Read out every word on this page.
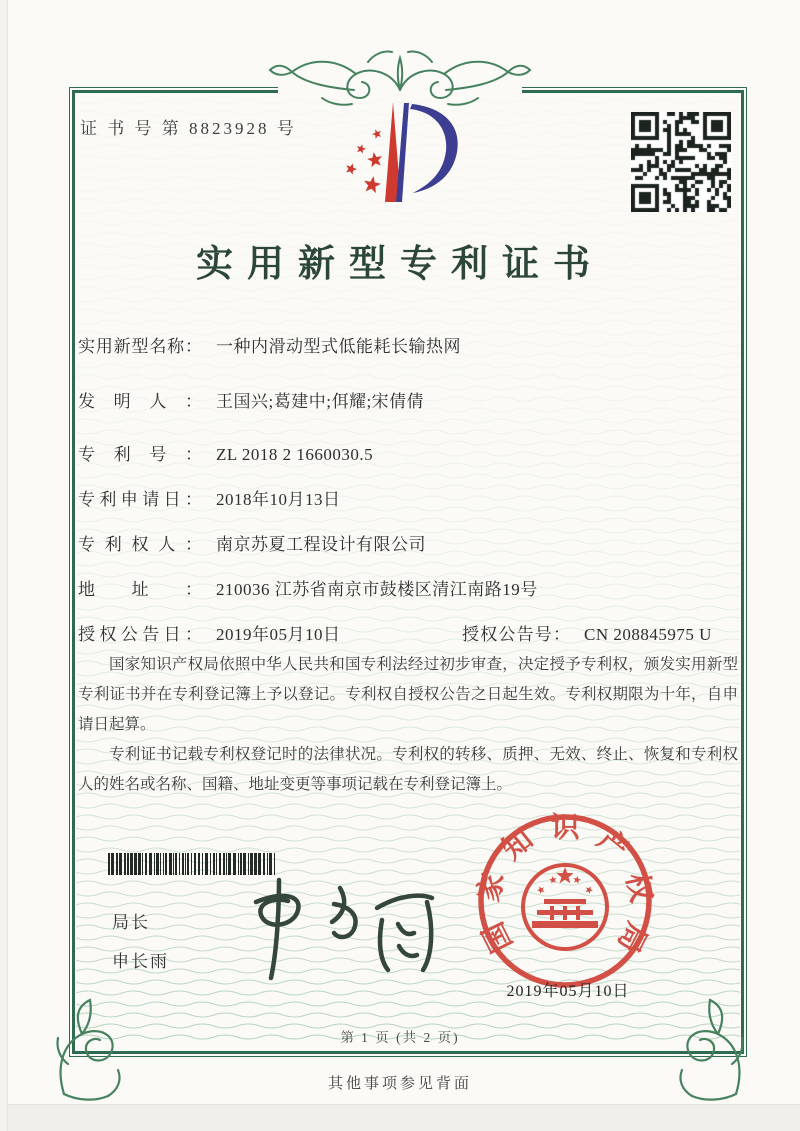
证 书 号 第 8823928 号
实用新型专利证书
实用新型名称： 一种内滑动型式低能耗长输热网
发明人： 王国兴;葛建中;佴耀;宋倩倩
专利号： ZL 2018 2 1660030.5
专利申请日： 2018年10月13日
专利权人： 南京苏夏工程设计有限公司
地址： 210036 江苏省南京市鼓楼区清江南路19号
授权公告日： 2019年05月10日	授权公告号： CN 208845975 U

国家知识产权局依照中华人民共和国专利法经过初步审查，决定授予专利权，颁发实用新型专利证书并在专利登记簿上予以登记。专利权自授权公告之日起生效。专利权期限为十年，自申请日起算。

专利证书记载专利权登记时的法律状况。专利权的转移、质押、无效、终止、恢复和专利权人的姓名或名称、国籍、地址变更等事项记载在专利登记簿上。

局长
申长雨
国家知识产权局
2019年05月10日
第 1 页 (共 2 页)
其他事项参见背面
